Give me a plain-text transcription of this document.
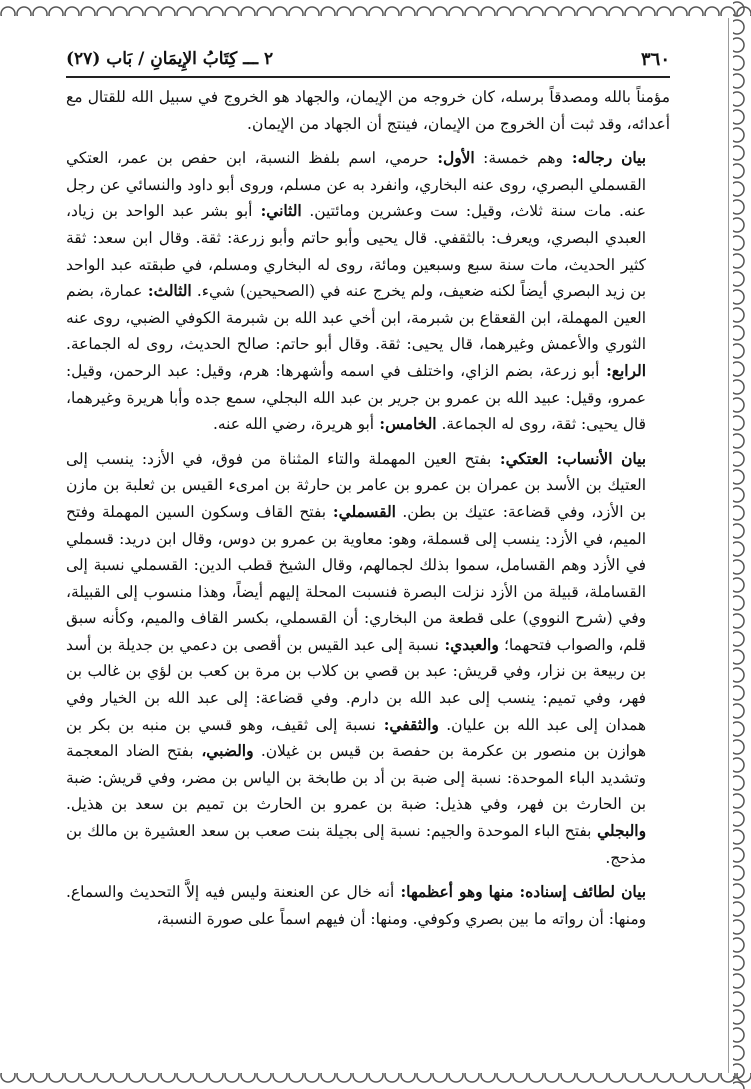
٣٦٠
٢ ـــ كِتَابُ الإِيمَانِ / بَاب (٢٧)

مؤمناً بالله ومصدقاً برسله، كان خروجه من الإيمان، والجهاد هو الخروج في سبيل الله للقتال مع أعدائه، وقد ثبت أن الخروج من الإيمان، فينتج أن الجهاد من الإيمان.

بيان رجاله: وهم خمسة: الأول: حرمي، اسم بلفظ النسبة، ابن حفص بن عمر، العتكي القسملي البصري، روى عنه البخاري، وانفرد به عن مسلم، وروى أبو داود والنسائي عن رجل عنه. مات سنة ثلاث، وقيل: ست وعشرين ومائتين. الثاني: أبو بشر عبد الواحد بن زياد، العبدي البصري، ويعرف: بالثقفي. قال يحيى وأبو حاتم وأبو زرعة: ثقة. وقال ابن سعد: ثقة كثير الحديث، مات سنة سبع وسبعين ومائة، روى له البخاري ومسلم، في طبقته عبد الواحد بن زيد البصري أيضاً لكنه ضعيف، ولم يخرج عنه في (الصحيحين) شيء. الثالث: عمارة، بضم العين المهملة، ابن القعقاع بن شبرمة، ابن أخي عبد الله بن شبرمة الكوفي الضبي، روى عنه الثوري والأعمش وغيرهما، قال يحيى: ثقة. وقال أبو حاتم: صالح الحديث، روى له الجماعة. الرابع: أبو زرعة، بضم الزاي، واختلف في اسمه وأشهرها: هرم، وقيل: عبد الرحمن، وقيل: عمرو، وقيل: عبيد الله بن عمرو بن جرير بن عبد الله البجلي، سمع جده وأبا هريرة وغيرهما، قال يحيى: ثقة، روى له الجماعة. الخامس: أبو هريرة، رضي الله عنه.

بيان الأنساب: العتكي: بفتح العين المهملة والتاء المثناة من فوق، في الأزد: ينسب إلى العتيك بن الأسد بن عمران بن عمرو بن عامر بن حارثة بن امرىء القيس بن ثعلبة بن مازن بن الأزد، وفي قضاعة: عتيك بن بطن. القسملي: بفتح القاف وسكون السين المهملة وفتح الميم، في الأزد: ينسب إلى قسملة، وهو: معاوية بن عمرو بن دوس، وقال ابن دريد: قسملي في الأزد وهم القسامل، سموا بذلك لجمالهم، وقال الشيخ قطب الدين: القسملي نسبة إلى القساملة، قبيلة من الأزد نزلت البصرة فنسبت المحلة إليهم أيضاً، وهذا منسوب إلى القبيلة، وفي (شرح النووي) على قطعة من البخاري: أن القسملي، بكسر القاف والميم، وكأنه سبق قلم، والصواب فتحهما؛ والعبدي: نسبة إلى عبد القيس بن أقصى بن دعمي بن جديلة بن أسد بن ربيعة بن نزار، وفي قريش: عبد بن قصي بن كلاب بن مرة بن كعب بن لؤي بن غالب بن فهر، وفي تميم: ينسب إلى عبد الله بن دارم. وفي قضاعة: إلى عبد الله بن الخيار وفي همدان إلى عبد الله بن عليان. والثقفي: نسبة إلى ثقيف، وهو قسي بن منبه بن بكر بن هوازن بن منصور بن عكرمة بن حفصة بن قيس بن غيلان. والضبي، بفتح الضاد المعجمة وتشديد الباء الموحدة: نسبة إلى ضبة بن أد بن طابخة بن الياس بن مضر، وفي قريش: ضبة بن الحارث بن فهر، وفي هذيل: ضبة بن عمرو بن الحارث بن تميم بن سعد بن هذيل. والبجلي بفتح الباء الموحدة والجيم: نسبة إلى بجيلة بنت صعب بن سعد العشيرة بن مالك بن مذحج.

بيان لطائف إسناده: منها وهو أعظمها: أنه خال عن العنعنة وليس فيه إلاَّ التحديث والسماع. ومنها: أن رواته ما بين بصري وكوفي. ومنها: أن فيهم اسماً على صورة النسبة،
